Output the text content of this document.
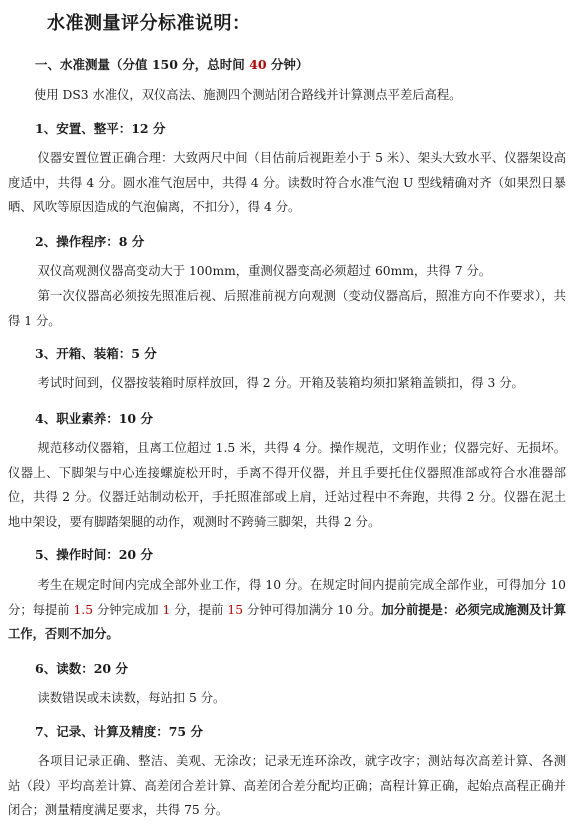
水准测量评分标准说明：
一、水准测量（分值 150 分，总时间 40 分钟）
使用 DS3 水准仪，双仪高法、施测四个测站闭合路线并计算测点平差后高程。
1、安置、整平：12 分
仪器安置位置正确合理：大致两尺中间（目估前后视距差小于 5 米）、架头大致水平、仪器架设高度适中，共得 4 分。圆水准气泡居中，共得 4 分。读数时符合水准气泡 U 型线精确对齐（如果烈日暴晒、风吹等原因造成的气泡偏离，不扣分），得 4 分。
2、操作程序：8 分
双仪高观测仪器高变动大于 100mm，重测仪器变高必须超过 60mm，共得 7 分。
第一次仪器高必须按先照准后视、后照准前视方向观测（变动仪器高后，照准方向不作要求），共得 1 分。
3、开箱、装箱：5 分
考试时间到，仪器按装箱时原样放回，得 2 分。开箱及装箱均须扣紧箱盖锁扣，得 3 分。
4、职业素养：10 分
规范移动仪器箱，且离工位超过 1.5 米，共得 4 分。操作规范，文明作业；仪器完好、无损坏。仪器上、下脚架与中心连接螺旋松开时，手离不得开仪器，并且手要托住仪器照准部或符合水准器部位，共得 2 分。仪器迁站制动松开，手托照准部或上肩，迁站过程中不奔跑，共得 2 分。仪器在泥土地中架设，要有脚踏架腿的动作，观测时不跨骑三脚架，共得 2 分。
5、操作时间：20 分
考生在规定时间内完成全部外业工作，得 10 分。在规定时间内提前完成全部作业，可得加分 10 分；每提前 1.5 分钟完成加 1 分，提前 15 分钟可得加满分 10 分。加分前提是：必须完成施测及计算工作，否则不加分。
6、读数：20 分
读数错误或未读数，每站扣 5 分。
7、记录、计算及精度：75 分
各项目记录正确、整洁、美观、无涂改；记录无连环涂改，就字改字；测站每次高差计算、各测站（段）平均高差计算、高差闭合差计算、高差闭合差分配均正确；高程计算正确，起始点高程正确并闭合；测量精度满足要求，共得 75 分。
